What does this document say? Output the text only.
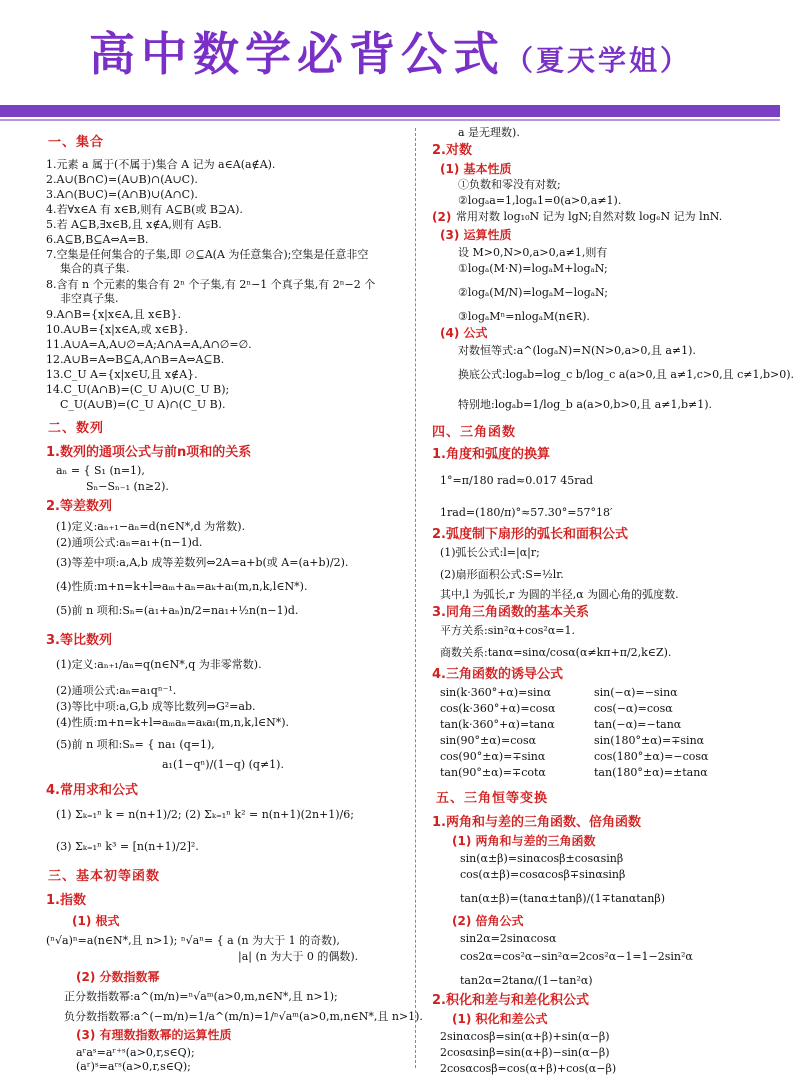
高中数学必背公式（夏天学姐）
一、集合
1.元素 a 属于(不属于)集合 A 记为 a∈A(a∉A).
2.A∪(B∩C)=(A∪B)∩(A∪C).
3.A∩(B∪C)=(A∩B)∪(A∩C).
4.若∀x∈A 有 x∈B,则有 A⊆B(或 B⊇A).
5.若 A⊆B,∃x∈B,且 x∉A,则有 A⫋B.
6.A⊆B,B⊆A⇔A=B.
7.空集是任何集合的子集,即 ∅⊆A(A 为任意集合);空集是任意非空
集合的真子集.
8.含有 n 个元素的集合有 2ⁿ 个子集,有 2ⁿ−1 个真子集,有 2ⁿ−2 个
非空真子集.
9.A∩B={x|x∈A,且 x∈B}.
10.A∪B={x|x∈A,或 x∈B}.
11.A∪A=A,A∪∅=A;A∩A=A,A∩∅=∅.
12.A∪B=A⇔B⊆A,A∩B=A⇔A⊆B.
13.C_U A={x|x∈U,且 x∉A}.
14.C_U(A∩B)=(C_U A)∪(C_U B);
C_U(A∪B)=(C_U A)∩(C_U B).
二、数列
1.数列的通项公式与前n项和的关系
aₙ = { S₁ (n=1),
Sₙ−Sₙ₋₁ (n≥2).
2.等差数列
(1)定义:aₙ₊₁−aₙ=d(n∈N*,d 为常数).
(2)通项公式:aₙ=a₁+(n−1)d.
(3)等差中项:a,A,b 成等差数列⇔2A=a+b(或 A=(a+b)/2).
(4)性质:m+n=k+l⇒aₘ+aₙ=aₖ+aₗ(m,n,k,l∈N*).
(5)前 n 项和:Sₙ=(a₁+aₙ)n/2=na₁+½n(n−1)d.
3.等比数列
(1)定义:aₙ₊₁/aₙ=q(n∈N*,q 为非零常数).
(2)通项公式:aₙ=a₁qⁿ⁻¹.
(3)等比中项:a,G,b 成等比数列⇒G²=ab.
(4)性质:m+n=k+l⇒aₘaₙ=aₖaₗ(m,n,k,l∈N*).
(5)前 n 项和:Sₙ= { na₁ (q=1),
a₁(1−qⁿ)/(1−q) (q≠1).
4.常用求和公式
(1) Σₖ₌₁ⁿ k = n(n+1)/2; (2) Σₖ₌₁ⁿ k² = n(n+1)(2n+1)/6;
(3) Σₖ₌₁ⁿ k³ = [n(n+1)/2]².
三、基本初等函数
1.指数
(1) 根式
(ⁿ√a)ⁿ=a(n∈N*,且 n>1); ⁿ√aⁿ= { a (n 为大于 1 的奇数),
|a| (n 为大于 0 的偶数).
(2) 分数指数幂
正分数指数幂:a^(m/n)=ⁿ√aᵐ(a>0,m,n∈N*,且 n>1);
负分数指数幂:a^(−m/n)=1/a^(m/n)=1/ⁿ√aᵐ(a>0,m,n∈N*,且 n>1).
(3) 有理数指数幂的运算性质
aʳaˢ=aʳ⁺ˢ(a>0,r,s∈Q);
(aʳ)ˢ=aʳˢ(a>0,r,s∈Q);
a 是无理数).
2.对数
(1) 基本性质
①负数和零没有对数;
②logₐa=1,logₐ1=0(a>0,a≠1).
(2) 常用对数 log₁₀N 记为 lgN;自然对数 logₑN 记为 lnN.
(3) 运算性质
设 M>0,N>0,a>0,a≠1,则有
①logₐ(M·N)=logₐM+logₐN;
②logₐ(M/N)=logₐM−logₐN;
③logₐMⁿ=nlogₐM(n∈R).
(4) 公式
对数恒等式:a^(logₐN)=N(N>0,a>0,且 a≠1).
换底公式:logₐb=log_c b/log_c a(a>0,且 a≠1,c>0,且 c≠1,b>0).
特别地:logₐb=1/log_b a(a>0,b>0,且 a≠1,b≠1).
四、三角函数
1.角度和弧度的换算
1°=π/180 rad≈0.017 45rad
1rad=(180/π)°≈57.30°=57°18′
2.弧度制下扇形的弧长和面积公式
(1)弧长公式:l=|α|r;
(2)扇形面积公式:S=½lr.
其中,l 为弧长,r 为圆的半径,α 为圆心角的弧度数.
3.同角三角函数的基本关系
平方关系:sin²α+cos²α=1.
商数关系:tanα=sinα/cosα(α≠kπ+π/2,k∈Z).
4.三角函数的诱导公式
sin(k·360°+α)=sinα	sin(−α)=−sinα
cos(k·360°+α)=cosα	cos(−α)=cosα
tan(k·360°+α)=tanα	tan(−α)=−tanα
sin(90°±α)=cosα	sin(180°±α)=∓sinα
cos(90°±α)=∓sinα	cos(180°±α)=−cosα
tan(90°±α)=∓cotα	tan(180°±α)=±tanα
五、三角恒等变换
1.两角和与差的三角函数、倍角函数
(1) 两角和与差的三角函数
sin(α±β)=sinαcosβ±cosαsinβ
cos(α±β)=cosαcosβ∓sinαsinβ
tan(α±β)=(tanα±tanβ)/(1∓tanαtanβ)
(2) 倍角公式
sin2α=2sinαcosα
cos2α=cos²α−sin²α=2cos²α−1=1−2sin²α
tan2α=2tanα/(1−tan²α)
2.积化和差与和差化积公式
(1) 积化和差公式
2sinαcosβ=sin(α+β)+sin(α−β)
2cosαsinβ=sin(α+β)−sin(α−β)
2cosαcosβ=cos(α+β)+cos(α−β)
